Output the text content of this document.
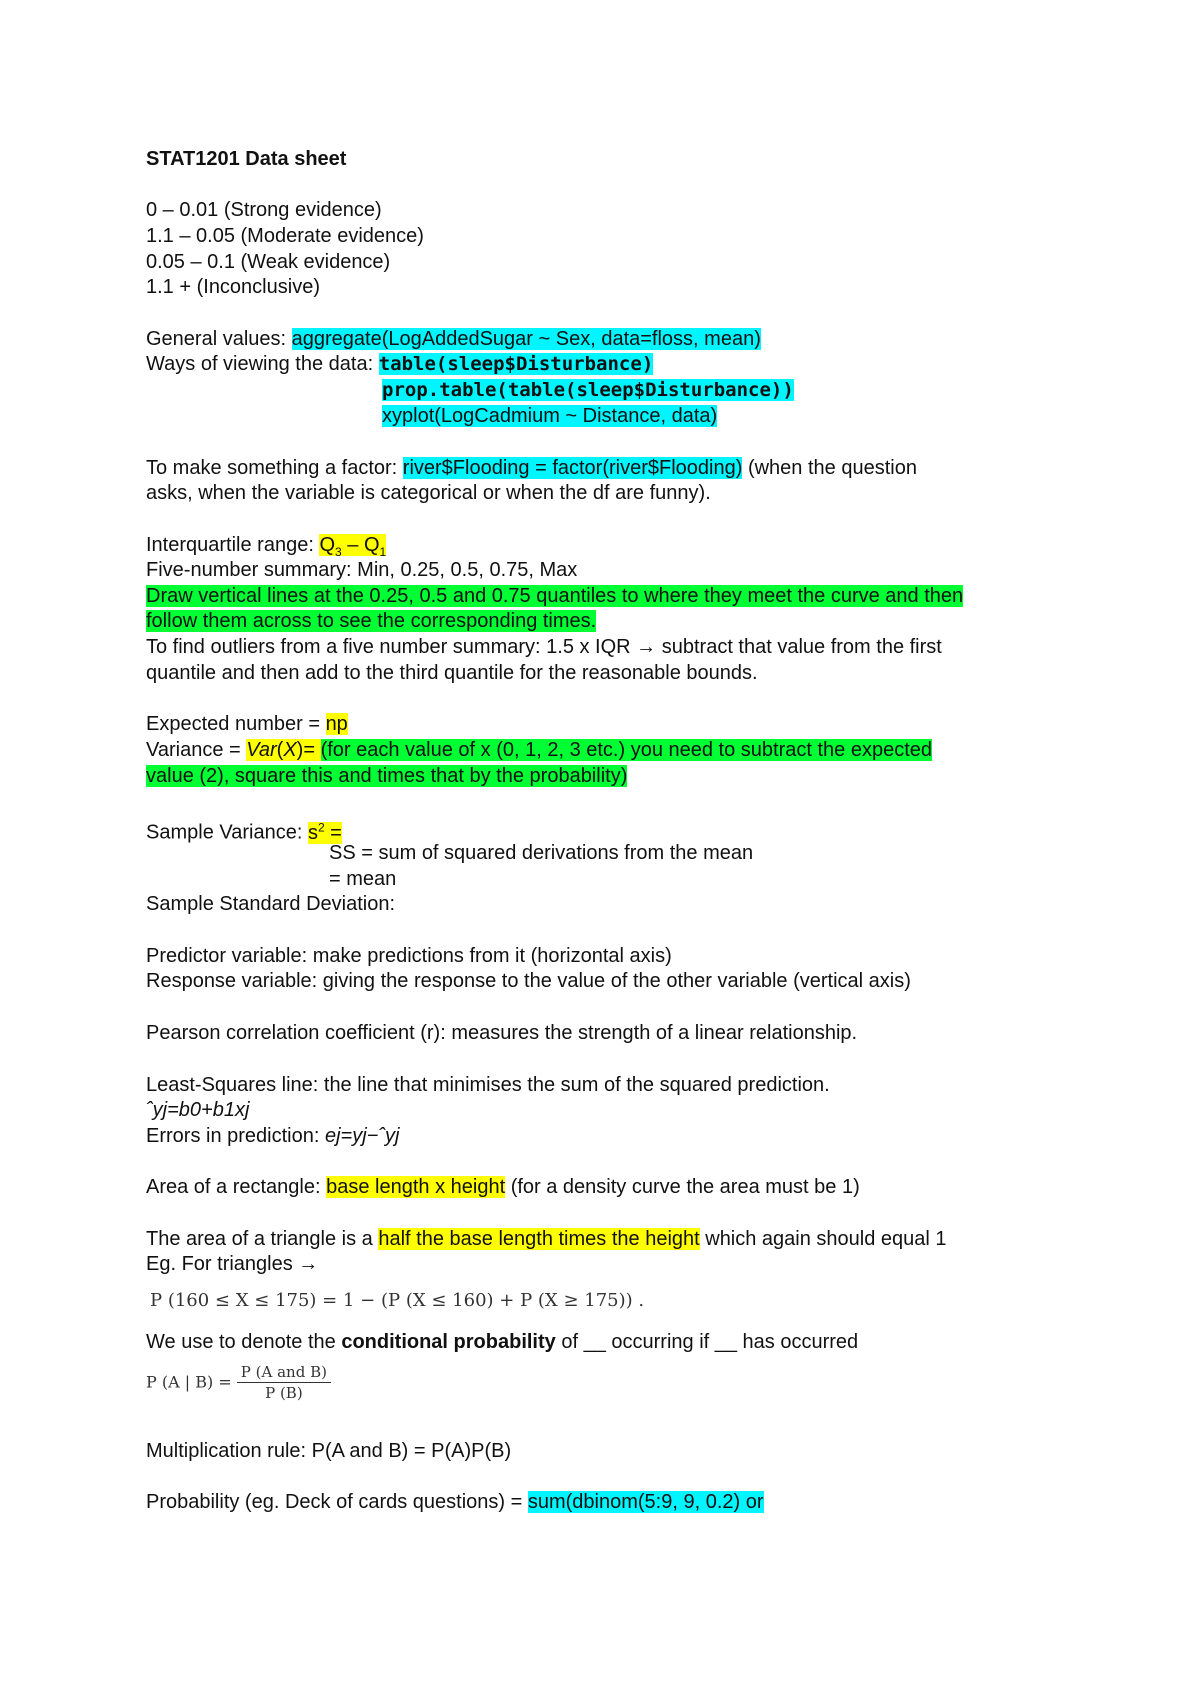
STAT1201 Data sheet
0 – 0.01 (Strong evidence)
1.1 – 0.05 (Moderate evidence)
0.05 – 0.1 (Weak evidence)
1.1 + (Inconclusive)
General values: aggregate(LogAddedSugar ~ Sex, data=floss, mean)
Ways of viewing the data: table(sleep$Disturbance)
prop.table(table(sleep$Disturbance))
xyplot(LogCadmium ~ Distance, data)
To make something a factor: river$Flooding = factor(river$Flooding) (when the question
asks, when the variable is categorical or when the df are funny).
Interquartile range: $Q_3 - Q_1$
Five-number summary: Min, 0.25, 0.5, 0.75, Max
Draw vertical lines at the 0.25, 0.5 and 0.75 quantiles to where they meet the curve and then
follow them across to see the corresponding times.
To find outliers from a five number summary: 1.5 x IQR → subtract that value from the first
quantile and then add to the third quantile for the reasonable bounds.
Expected number = np
Variance = Var(X)= (for each value of x (0, 1, 2, 3 etc.) you need to subtract the expected
value (2), square this and times that by the probability)
Sample Variance: $s^2$ =
SS = sum of squared derivations from the mean
= mean
Sample Standard Deviation:
Predictor variable: make predictions from it (horizontal axis)
Response variable: giving the response to the value of the other variable (vertical axis)
Pearson correlation coefficient (r): measures the strength of a linear relationship.
Least-Squares line: the line that minimises the sum of the squared prediction.
ˆyj=b0+b1xj
Errors in prediction: ej=yj−ˆyj
Area of a rectangle: base length x height (for a density curve the area must be 1)
The area of a triangle is a half the base length times the height which again should equal 1
Eg. For triangles →
P (160 ≤ X ≤ 175) = 1 − (P (X ≤ 160) + P (X ≥ 175)) .
We use to denote the conditional probability of __ occurring if __ has occurred
P (A | $B) = \frac{\text{P (A and B)}}{P (B)}$
Multiplication rule: P(A and B) = P(A)P(B)
Probability (eg. Deck of cards questions) = sum(dbinom(5:9, 9, 0.2) or
